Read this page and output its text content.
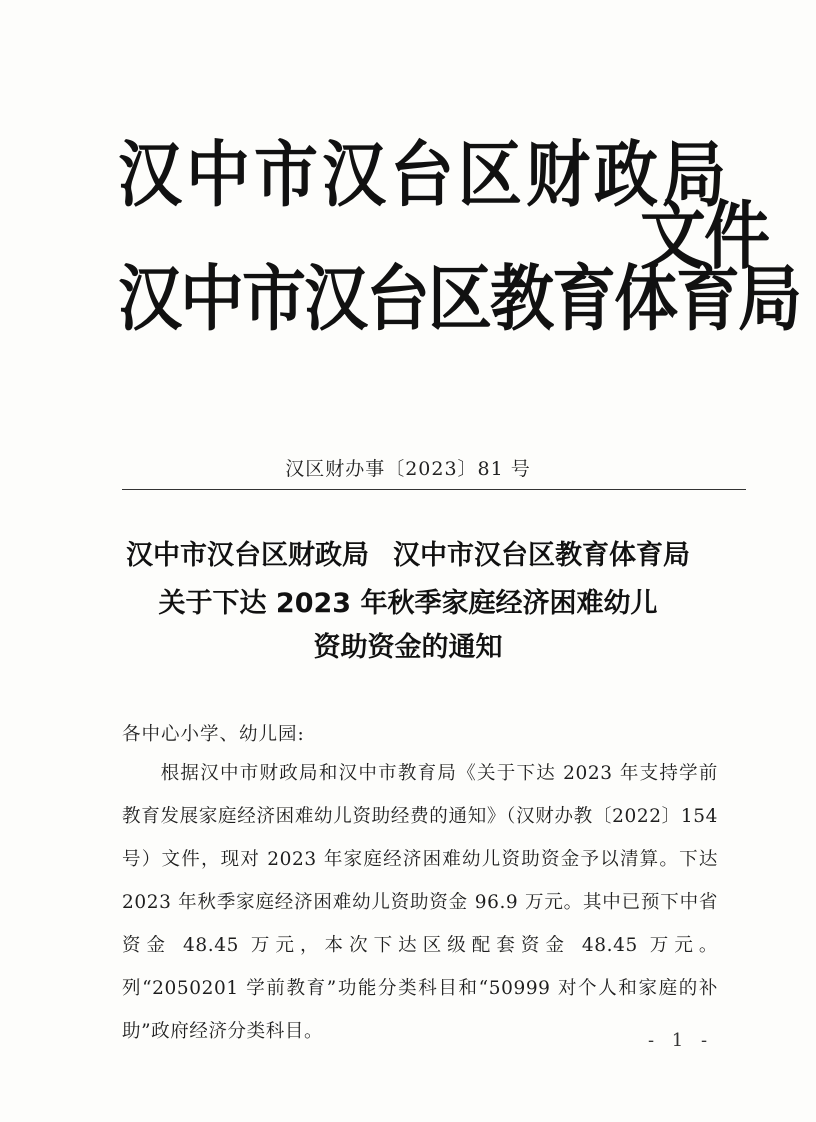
汉中市汉台区财政局
汉中市汉台区教育体育局
文件
汉区财办事〔2023〕81 号
汉中市汉台区财政局 汉中市汉台区教育体育局
关于下达 2023 年秋季家庭经济困难幼儿
资助资金的通知
各中心小学、幼儿园:
根据汉中市财政局和汉中市教育局《关于下达 2023 年支持学前教育发展家庭经济困难幼儿资助经费的通知》（汉财办教〔2022〕154 号）文件，现对 2023 年家庭经济困难幼儿资助资金予以清算。下达 2023 年秋季家庭经济困难幼儿资助资金 96.9 万元。其中已预下中省资金 48.45 万元，本次下达区级配套资金 48.45 万元。列“2050201 学前教育”功能分类科目和“50999 对个人和家庭的补助”政府经济分类科目。	- 1 -
